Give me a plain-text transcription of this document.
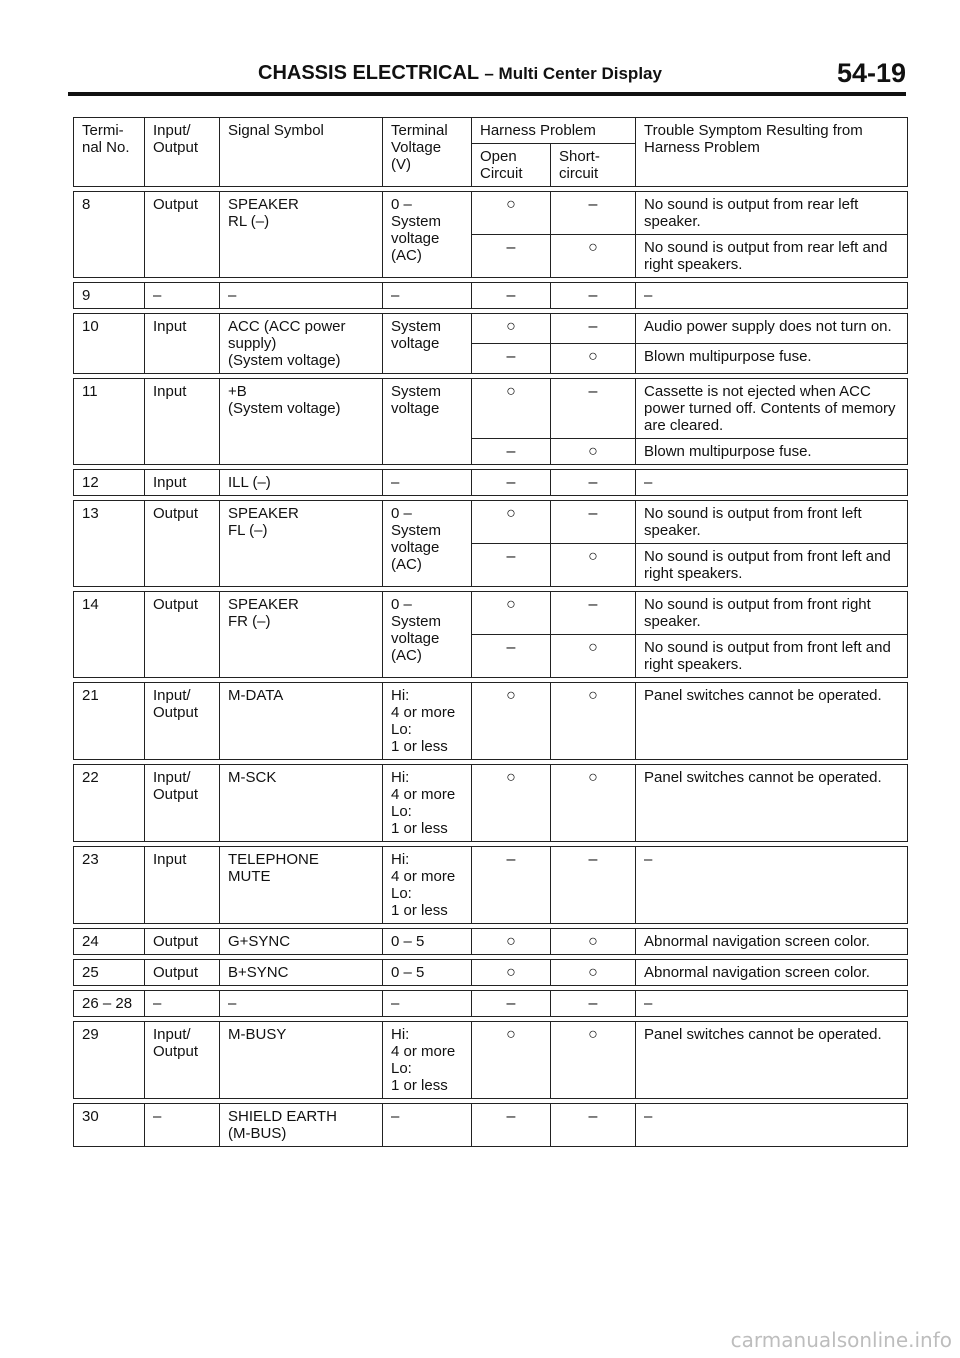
CHASSIS ELECTRICAL – Multi Center Display	54-19
Termi-
nal No.	Input/
Output	Signal Symbol	Terminal
Voltage
(V)	Harness Problem		Trouble Symptom Resulting from Harness Problem

				Open
Circuit	Short-
circuit	

8	Output	SPEAKER
RL (–)	0 –
System
voltage
(AC)	○	–	No sound is output from rear left speaker.
				–	○	No sound is output from rear left and right speakers.

9	–	–	–	–	–	–

10	Input	ACC (ACC power
supply)
(System voltage)	System
voltage	○	–	Audio power supply does not turn on.
				–	○	Blown multipurpose fuse.

11	Input	+B
(System voltage)	System
voltage	○	–	Cassette is not ejected when ACC power turned off. Contents of memory are cleared.
				–	○	Blown multipurpose fuse.

12	Input	ILL (–)	–	–	–	–

13	Output	SPEAKER
FL (–)	0 –
System
voltage
(AC)	○	–	No sound is output from front left speaker.
				–	○	No sound is output from front left and right speakers.

14	Output	SPEAKER
FR (–)	0 –
System
voltage
(AC)	○	–	No sound is output from front right speaker.
				–	○	No sound is output from front left and right speakers.

21	Input/
Output	M-DATA	Hi:
4 or more
Lo:
1 or less	○	○	Panel switches cannot be operated.

22	Input/
Output	M-SCK	Hi:
4 or more
Lo:
1 or less	○	○	Panel switches cannot be operated.

23	Input	TELEPHONE
MUTE	Hi:
4 or more
Lo:
1 or less	–	–	–

24	Output	G+SYNC	0 – 5	○	○	Abnormal navigation screen color.

25	Output	B+SYNC	0 – 5	○	○	Abnormal navigation screen color.

26 – 28	–	–	–	–	–	–

29	Input/
Output	M-BUSY	Hi:
4 or more
Lo:
1 or less	○	○	Panel switches cannot be operated.

30	–	SHIELD EARTH
(M-BUS)	–	–	–	–
carmanualsonline.info
